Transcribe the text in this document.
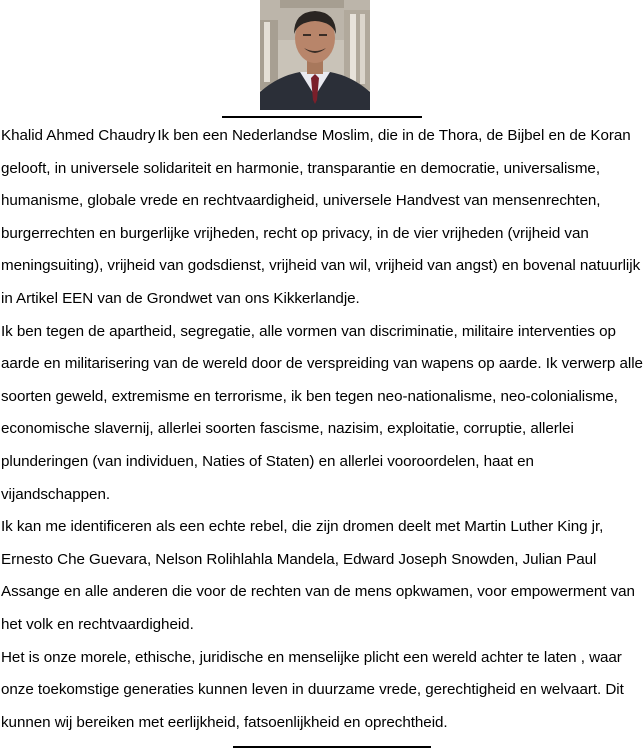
Khalid Ahmed Chaudry Ik ben een Nederlandse Moslim, die in de Thora, de Bijbel en de Koran gelooft, in universele solidariteit en harmonie, transparantie en democratie, universalisme, humanisme, globale vrede en rechtvaardigheid, universele Handvest van mensenrechten, burgerrechten en burgerlijke vrijheden, recht op privacy, in de vier vrijheden (vrijheid van meningsuiting), vrijheid van godsdienst, vrijheid van wil, vrijheid van angst) en bovenal natuurlijk in Artikel EEN van de Grondwet van ons Kikkerlandje.

Ik ben tegen de apartheid, segregatie, alle vormen van discriminatie, militaire interventies op aarde en militarisering van de wereld door de verspreiding van wapens op aarde. Ik verwerp alle soorten geweld, extremisme en terrorisme, ik ben tegen neo-nationalisme, neo-colonialisme, economische slavernij, allerlei soorten fascisme, nazisim, exploitatie, corruptie, allerlei plunderingen (van individuen, Naties of Staten) en allerlei vooroordelen, haat en vijandschappen.

Ik kan me identificeren als een echte rebel, die zijn dromen deelt met Martin Luther King jr, Ernesto Che Guevara, Nelson Rolihlahla Mandela, Edward Joseph Snowden, Julian Paul Assange en alle anderen die voor de rechten van de mens opkwamen, voor empowerment van het volk en rechtvaardigheid.

Het is onze morele, ethische, juridische en menselijke plicht een wereld achter te laten , waar onze toekomstige generaties kunnen leven in duurzame vrede, gerechtigheid en welvaart. Dit kunnen wij bereiken met eerlijkheid, fatsoenlijkheid en oprechtheid.
